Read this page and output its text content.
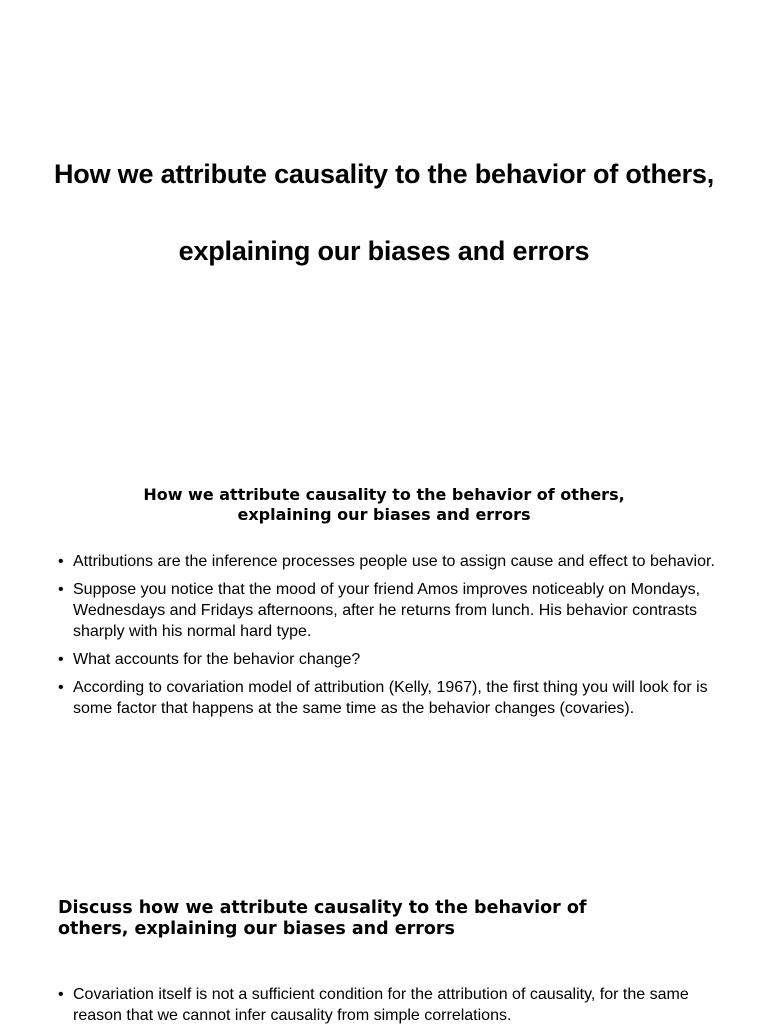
How we attribute causality to the behavior of others,
explaining our biases and errors
How we attribute causality to the behavior of others,
explaining our biases and errors
• Attributions are the inference processes people use to assign cause and effect to behavior.
• Suppose you notice that the mood of your friend Amos improves noticeably on Mondays, Wednesdays and Fridays afternoons, after he returns from lunch. His behavior contrasts sharply with his normal hard type.
• What accounts for the behavior change?
• According to covariation model of attribution (Kelly, 1967), the first thing you will look for is some factor that happens at the same time as the behavior changes (covaries).
Discuss how we attribute causality to the behavior of
others, explaining our biases and errors
• Covariation itself is not a sufficient condition for the attribution of causality, for the same reason that we cannot infer causality from simple correlations.
